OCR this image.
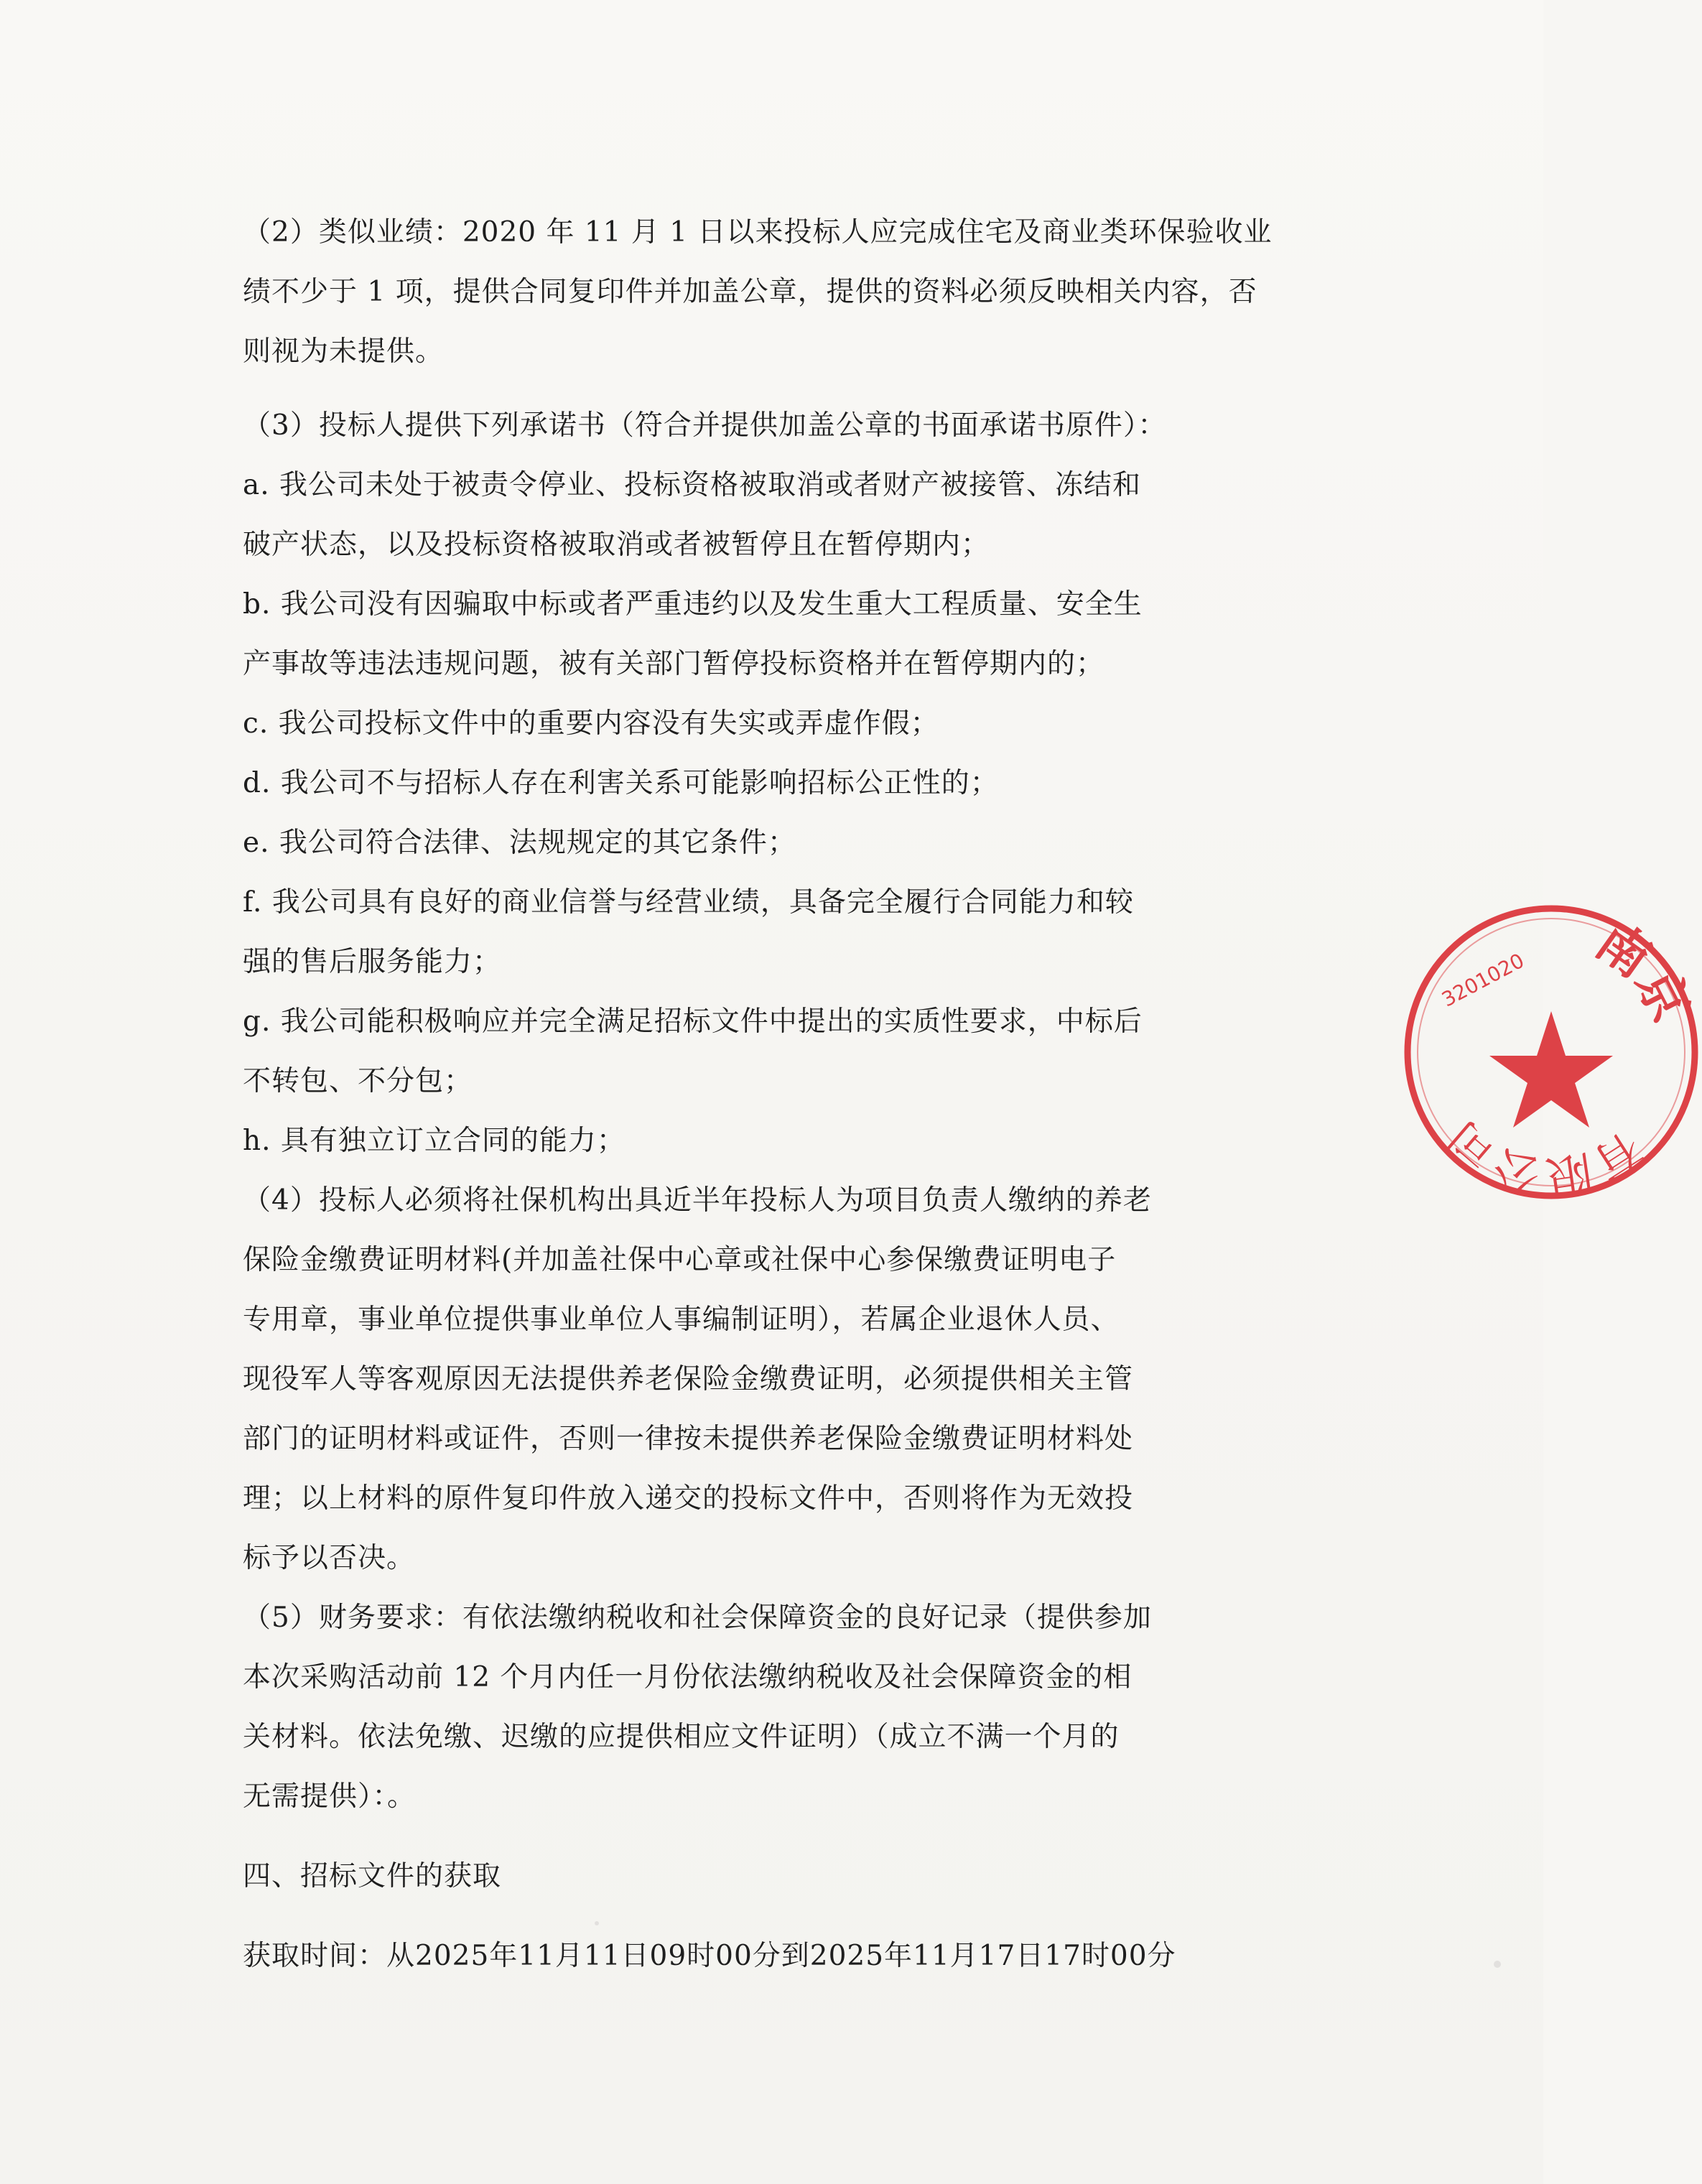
（2）类似业绩：2020 年 11 月 1 日以来投标人应完成住宅及商业类环保验收业

绩不少于 1 项，提供合同复印件并加盖公章，提供的资料必须反映相关内容，否

则视为未提供。

（3）投标人提供下列承诺书（符合并提供加盖公章的书面承诺书原件）：

a. 我公司未处于被责令停业、投标资格被取消或者财产被接管、冻结和

破产状态，以及投标资格被取消或者被暂停且在暂停期内；

b. 我公司没有因骗取中标或者严重违约以及发生重大工程质量、安全生

产事故等违法违规问题，被有关部门暂停投标资格并在暂停期内的；

c. 我公司投标文件中的重要内容没有失实或弄虚作假；

d. 我公司不与招标人存在利害关系可能影响招标公正性的；

e. 我公司符合法律、法规规定的其它条件；

f. 我公司具有良好的商业信誉与经营业绩，具备完全履行合同能力和较

强的售后服务能力；

g. 我公司能积极响应并完全满足招标文件中提出的实质性要求，中标后

不转包、不分包；

h. 具有独立订立合同的能力；

（4）投标人必须将社保机构出具近半年投标人为项目负责人缴纳的养老

保险金缴费证明材料(并加盖社保中心章或社保中心参保缴费证明电子

专用章，事业单位提供事业单位人事编制证明），若属企业退休人员、

现役军人等客观原因无法提供养老保险金缴费证明，必须提供相关主管

部门的证明材料或证件，否则一律按未提供养老保险金缴费证明材料处

理；以上材料的原件复印件放入递交的投标文件中，否则将作为无效投

标予以否决。

（5）财务要求：有依法缴纳税收和社会保障资金的良好记录（提供参加

本次采购活动前 12 个月内任一月份依法缴纳税收及社会保障资金的相

关材料。依法免缴、迟缴的应提供相应文件证明）（成立不满一个月的

无需提供）：。

四、招标文件的获取

获取时间：从2025年11月11日09时00分到2025年11月17日17时00分

南京
3201020
有限公司
